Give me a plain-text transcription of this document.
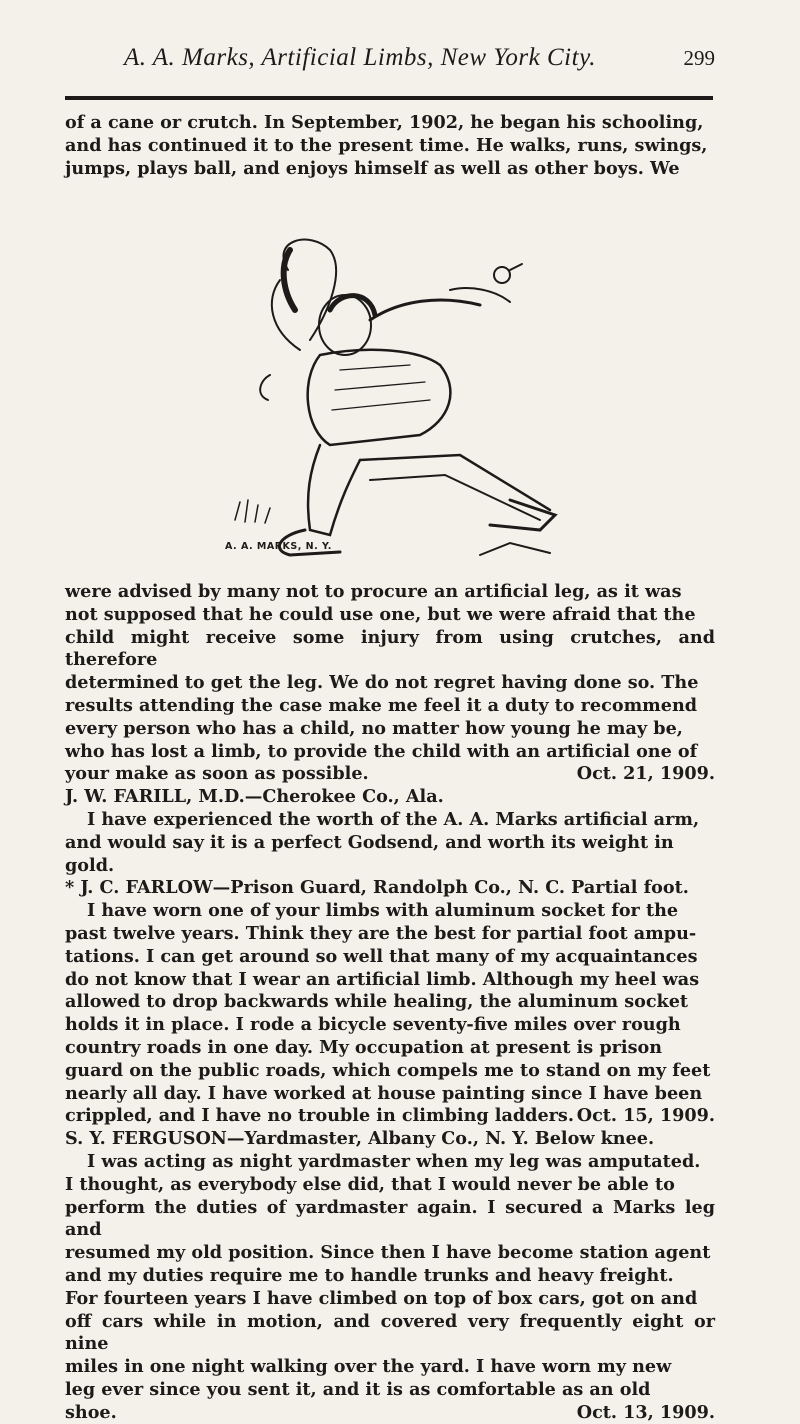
A. A. Marks, Artificial Limbs, New York City.	299

of a cane or crutch. In September, 1902, he began his schooling,

and has continued it to the present time. He walks, runs, swings,

jumps, plays ball, and enjoys himself as well as other boys. We

A. A. MARKS, N. Y.

were advised by many not to procure an artificial leg, as it was

not supposed that he could use one, but we were afraid that the

child might receive some injury from using crutches, and therefore

determined to get the leg. We do not regret having done so. The

results attending the case make me feel it a duty to recommend

every person who has a child, no matter how young he may be,

who has lost a limb, to provide the child with an artificial one of

your make as soon as possible.	Oct. 21, 1909.

J. W. FARILL, M.D.—Cherokee Co., Ala.

I have experienced the worth of the A. A. Marks artificial arm,

and would say it is a perfect Godsend, and worth its weight in

gold.

* J. C. FARLOW—Prison Guard, Randolph Co., N. C. Partial foot.

I have worn one of your limbs with aluminum socket for the

past twelve years. Think they are the best for partial foot ampu-

tations. I can get around so well that many of my acquaintances

do not know that I wear an artificial limb. Although my heel was

allowed to drop backwards while healing, the aluminum socket

holds it in place. I rode a bicycle seventy-five miles over rough

country roads in one day. My occupation at present is prison

guard on the public roads, which compels me to stand on my feet

nearly all day. I have worked at house painting since I have been

crippled, and I have no trouble in climbing ladders. Oct. 15, 1909.

S. Y. FERGUSON—Yardmaster, Albany Co., N. Y. Below knee.

I was acting as night yardmaster when my leg was amputated.

I thought, as everybody else did, that I would never be able to

perform the duties of yardmaster again. I secured a Marks leg and

resumed my old position. Since then I have become station agent

and my duties require me to handle trunks and heavy freight.

For fourteen years I have climbed on top of box cars, got on and

off cars while in motion, and covered very frequently eight or nine

miles in one night walking over the yard. I have worn my new

leg ever since you sent it, and it is as comfortable as an old

shoe.	Oct. 13, 1909.
